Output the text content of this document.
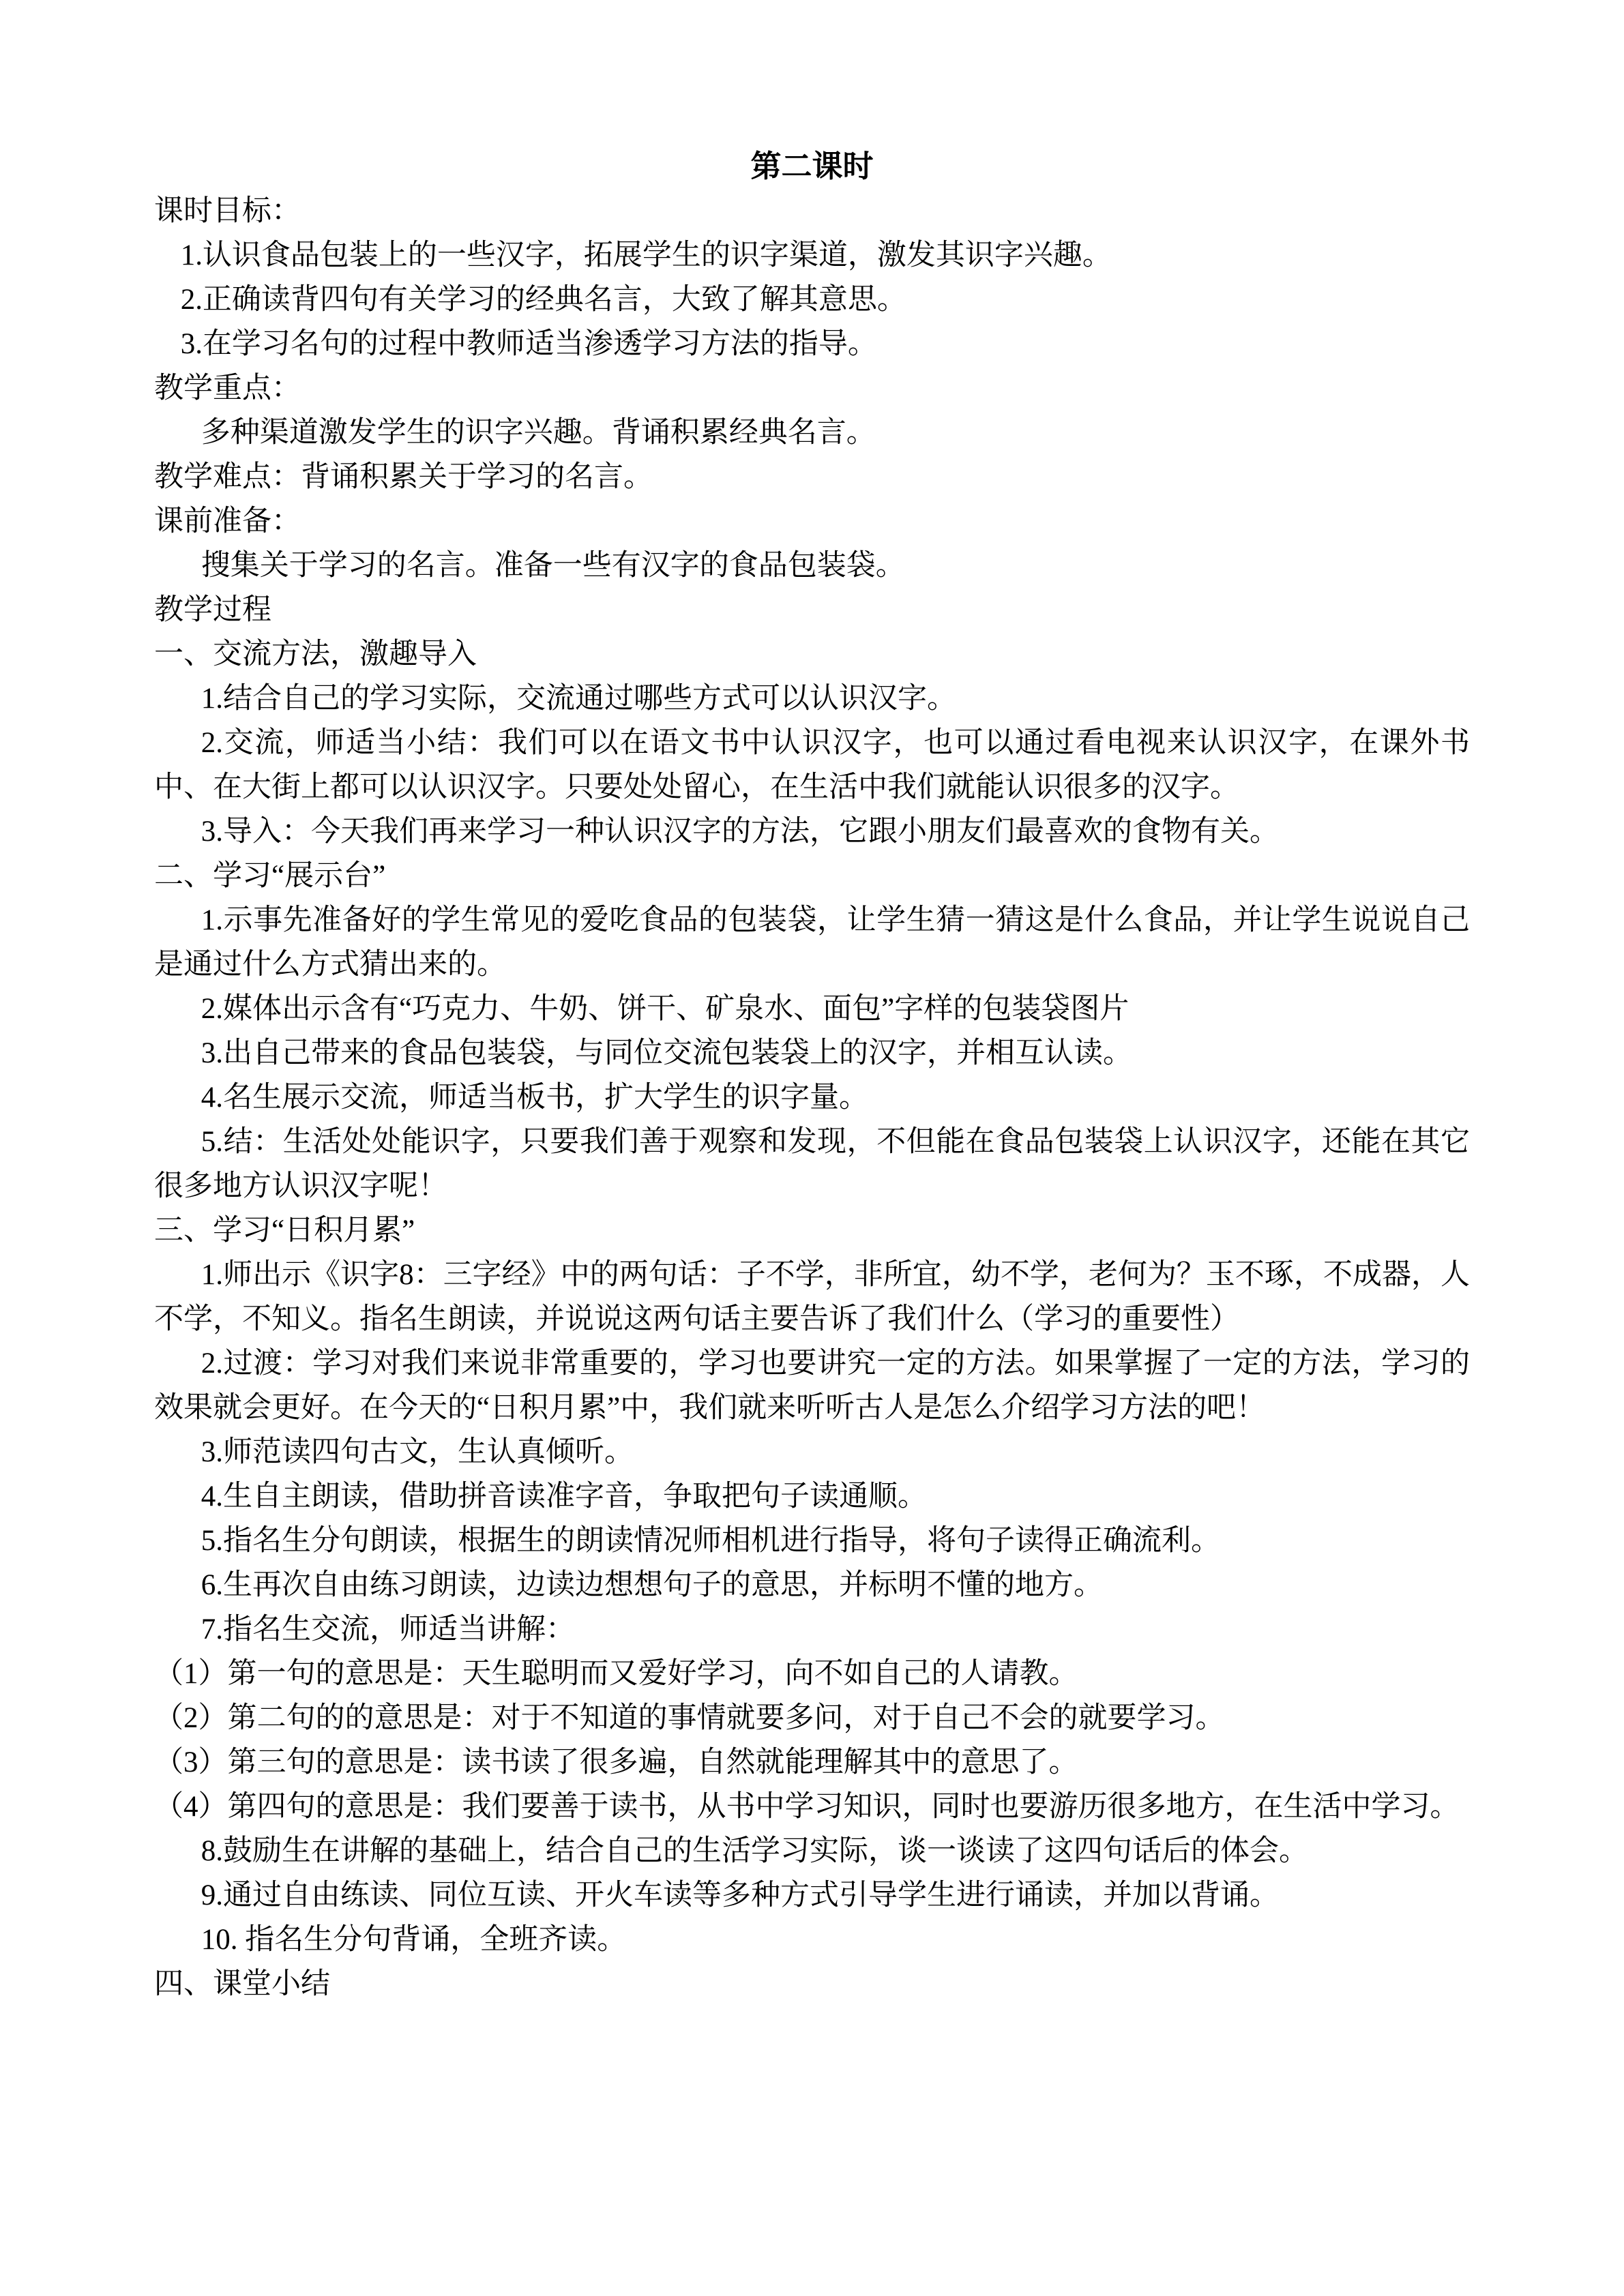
第二课时

课时目标：

1.认识食品包装上的一些汉字，拓展学生的识字渠道，激发其识字兴趣。

2.正确读背四句有关学习的经典名言，大致了解其意思。

3.在学习名句的过程中教师适当渗透学习方法的指导。

教学重点：

多种渠道激发学生的识字兴趣。背诵积累经典名言。

教学难点：背诵积累关于学习的名言。

课前准备：

搜集关于学习的名言。准备一些有汉字的食品包装袋。

教学过程

一、交流方法，激趣导入

1.结合自己的学习实际，交流通过哪些方式可以认识汉字。

2.交流，师适当小结：我们可以在语文书中认识汉字，也可以通过看电视来认识汉字，在课外书中、在大街上都可以认识汉字。只要处处留心，在生活中我们就能认识很多的汉字。

3.导入：今天我们再来学习一种认识汉字的方法，它跟小朋友们最喜欢的食物有关。

二、学习“展示台”

1.示事先准备好的学生常见的爱吃食品的包装袋，让学生猜一猜这是什么食品，并让学生说说自己是通过什么方式猜出来的。

2.媒体出示含有“巧克力、牛奶、饼干、矿泉水、面包”字样的包装袋图片

3.出自己带来的食品包装袋，与同位交流包装袋上的汉字，并相互认读。

4.名生展示交流，师适当板书，扩大学生的识字量。

5.结：生活处处能识字，只要我们善于观察和发现，不但能在食品包装袋上认识汉字，还能在其它很多地方认识汉字呢！

三、学习“日积月累”

1.师出示《识字8：三字经》中的两句话：子不学，非所宜，幼不学，老何为？玉不琢，不成器，人不学，不知义。指名生朗读，并说说这两句话主要告诉了我们什么（学习的重要性）

2.过渡：学习对我们来说非常重要的，学习也要讲究一定的方法。如果掌握了一定的方法，学习的效果就会更好。在今天的“日积月累”中，我们就来听听古人是怎么介绍学习方法的吧！

3.师范读四句古文，生认真倾听。

4.生自主朗读，借助拼音读准字音，争取把句子读通顺。

5.指名生分句朗读，根据生的朗读情况师相机进行指导，将句子读得正确流利。

6.生再次自由练习朗读，边读边想想句子的意思，并标明不懂的地方。

7.指名生交流，师适当讲解：

（1）第一句的意思是：天生聪明而又爱好学习，向不如自己的人请教。

（2）第二句的的意思是：对于不知道的事情就要多问，对于自己不会的就要学习。

（3）第三句的意思是：读书读了很多遍，自然就能理解其中的意思了。

（4）第四句的意思是：我们要善于读书，从书中学习知识，同时也要游历很多地方，在生活中学习。

8.鼓励生在讲解的基础上，结合自己的生活学习实际，谈一谈读了这四句话后的体会。

9.通过自由练读、同位互读、开火车读等多种方式引导学生进行诵读，并加以背诵。

10. 指名生分句背诵，全班齐读。

四、课堂小结
